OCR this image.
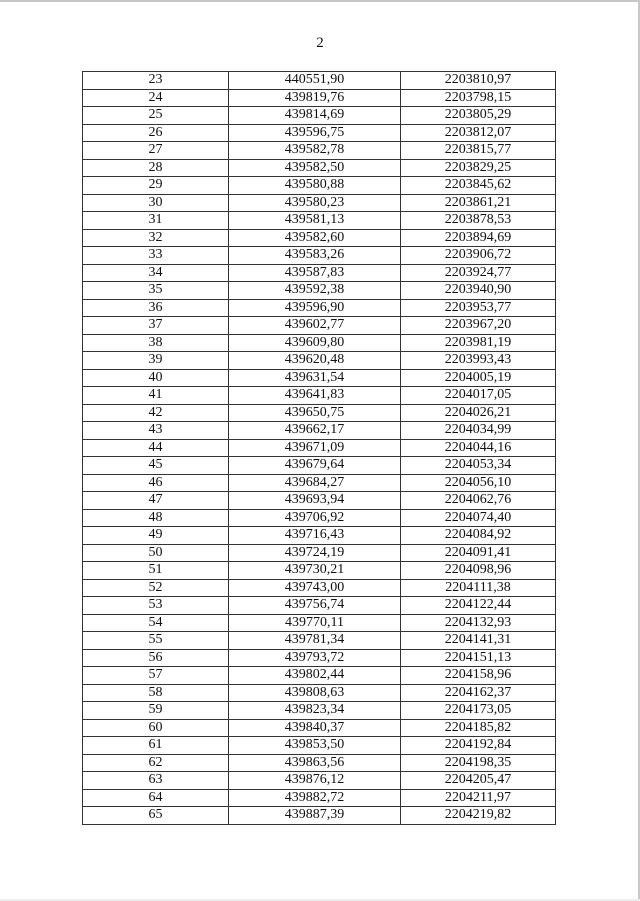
2
23	440551,90	2203810,97
24	439819,76	2203798,15
25	439814,69	2203805,29
26	439596,75	2203812,07
27	439582,78	2203815,77
28	439582,50	2203829,25
29	439580,88	2203845,62
30	439580,23	2203861,21
31	439581,13	2203878,53
32	439582,60	2203894,69
33	439583,26	2203906,72
34	439587,83	2203924,77
35	439592,38	2203940,90
36	439596,90	2203953,77
37	439602,77	2203967,20
38	439609,80	2203981,19
39	439620,48	2203993,43
40	439631,54	2204005,19
41	439641,83	2204017,05
42	439650,75	2204026,21
43	439662,17	2204034,99
44	439671,09	2204044,16
45	439679,64	2204053,34
46	439684,27	2204056,10
47	439693,94	2204062,76
48	439706,92	2204074,40
49	439716,43	2204084,92
50	439724,19	2204091,41
51	439730,21	2204098,96
52	439743,00	2204111,38
53	439756,74	2204122,44
54	439770,11	2204132,93
55	439781,34	2204141,31
56	439793,72	2204151,13
57	439802,44	2204158,96
58	439808,63	2204162,37
59	439823,34	2204173,05
60	439840,37	2204185,82
61	439853,50	2204192,84
62	439863,56	2204198,35
63	439876,12	2204205,47
64	439882,72	2204211,97
65	439887,39	2204219,82
